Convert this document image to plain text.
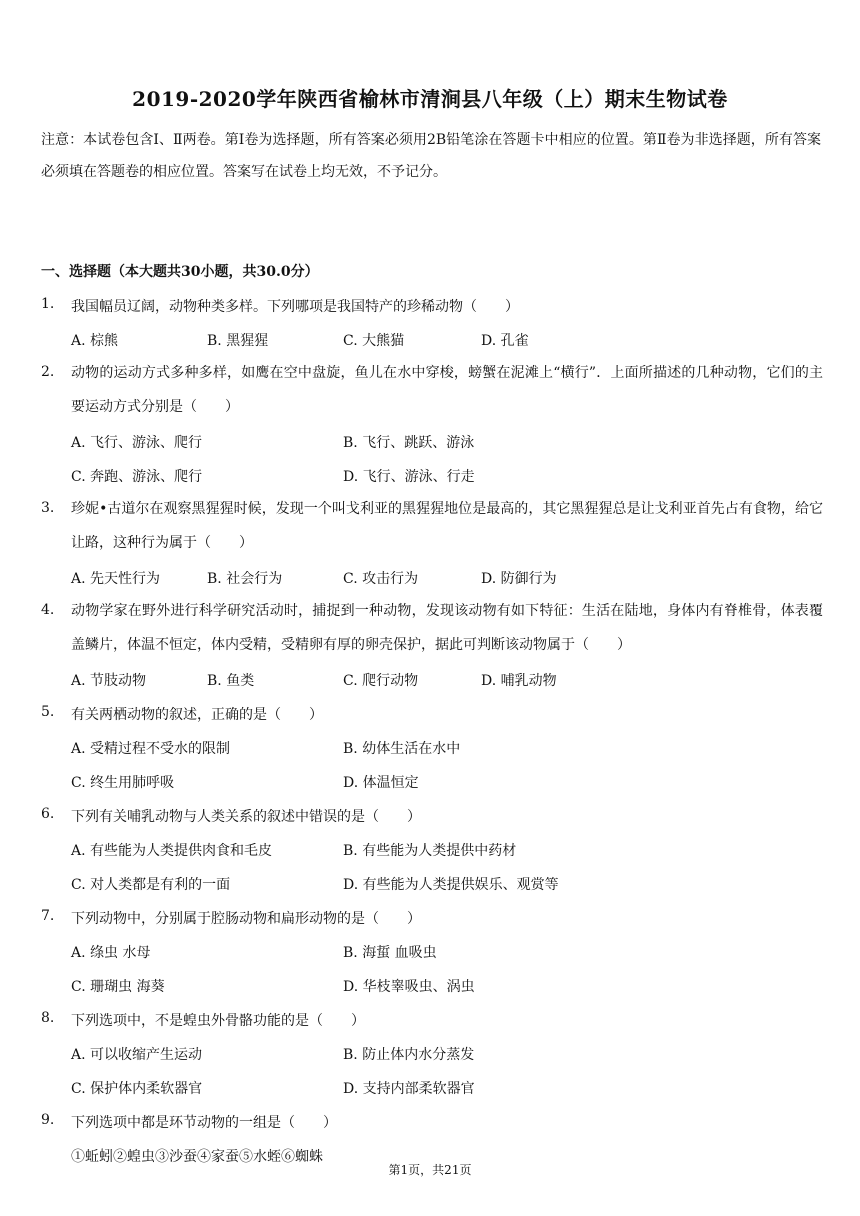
2019-2020学年陕西省榆林市清涧县八年级（上）期末生物试卷
注意：本试卷包含Ⅰ、Ⅱ两卷。第Ⅰ卷为选择题，所有答案必须用2B铅笔涂在答题卡中相应的位置。第Ⅱ卷为非选择题，所有答案必须填在答题卷的相应位置。答案写在试卷上均无效，不予记分。
一、选择题（本大题共30小题，共30.0分）
1. 我国幅员辽阔，动物种类多样。下列哪项是我国特产的珍稀动物（　　）
A. 棕熊	B. 黑猩猩	C. 大熊猫	D. 孔雀
2. 动物的运动方式多种多样，如鹰在空中盘旋，鱼儿在水中穿梭，螃蟹在泥滩上“横行”．上面所描述的几种动物，它们的主要运动方式分别是（　　）
A. 飞行、游泳、爬行	B. 飞行、跳跃、游泳
C. 奔跑、游泳、爬行	D. 飞行、游泳、行走
3. 珍妮•古道尔在观察黑猩猩时候，发现一个叫戈利亚的黑猩猩地位是最高的，其它黑猩猩总是让戈利亚首先占有食物，给它让路，这种行为属于（　　）
A. 先天性行为	B. 社会行为	C. 攻击行为	D. 防御行为
4. 动物学家在野外进行科学研究活动时，捕捉到一种动物，发现该动物有如下特征：生活在陆地，身体内有脊椎骨，体表覆盖鳞片，体温不恒定，体内受精，受精卵有厚的卵壳保护，据此可判断该动物属于（　　）
A. 节肢动物	B. 鱼类	C. 爬行动物	D. 哺乳动物
5. 有关两栖动物的叙述，正确的是（　　）
A. 受精过程不受水的限制	B. 幼体生活在水中
C. 终生用肺呼吸	D. 体温恒定
6. 下列有关哺乳动物与人类关系的叙述中错误的是（　　）
A. 有些能为人类提供肉食和毛皮	B. 有些能为人类提供中药材
C. 对人类都是有利的一面	D. 有些能为人类提供娱乐、观赏等
7. 下列动物中，分别属于腔肠动物和扁形动物的是（　　）
A. 绦虫 水母	B. 海蜇 血吸虫
C. 珊瑚虫 海葵	D. 华枝睾吸虫、涡虫
8. 下列选项中，不是蝗虫外骨骼功能的是（　　）
A. 可以收缩产生运动	B. 防止体内水分蒸发
C. 保护体内柔软器官	D. 支持内部柔软器官
9. 下列选项中都是环节动物的一组是（　　）
①蚯蚓②蝗虫③沙蚕④家蚕⑤水蛭⑥蜘蛛
第1页，共21页
